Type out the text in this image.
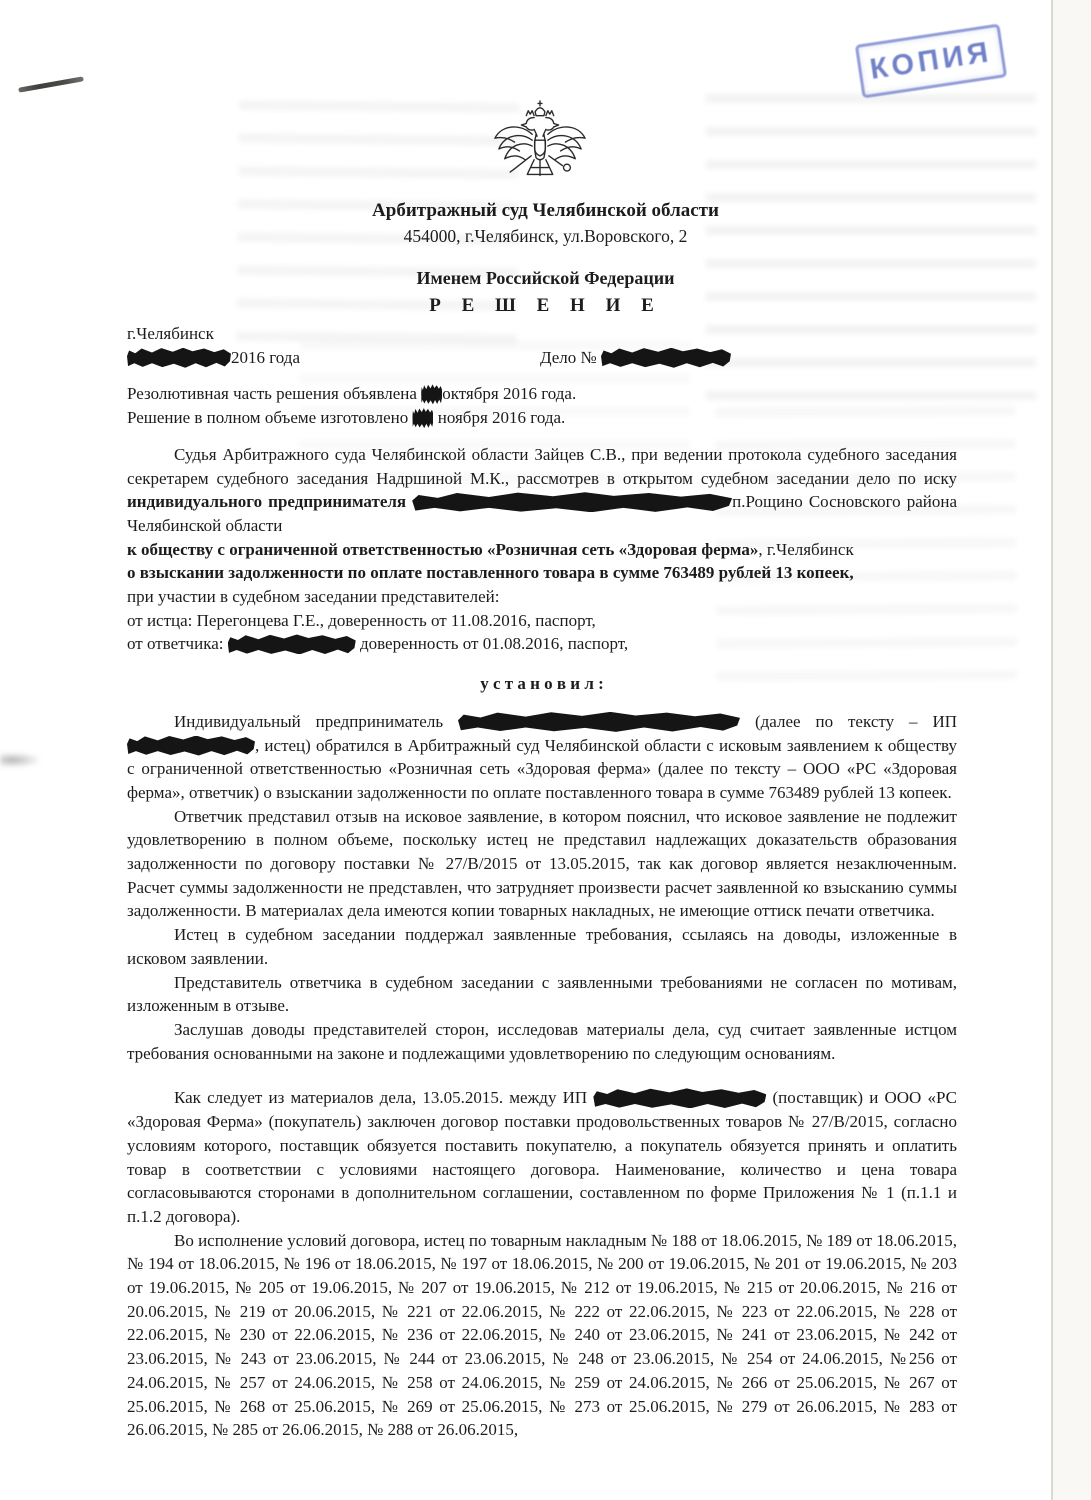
КОПИЯ
Арбитражный суд Челябинской области
454000, г.Челябинск, ул.Воровского, 2
Именем Российской Федерации
Р Е Ш Е Н И Е

г.Челябинск

2016 года	Дело №

Резолютивная часть решения объявлена октября 2016 года.

Решение в полном объеме изготовлено  ноября 2016 года.

Судья Арбитражного суда Челябинской области Зайцев С.В., при ведении протокола судебного заседания секретарем судебного заседания Надршиной М.К., рассмотрев в открытом судебном заседании дело по иску индивидуального предпринимателя	п.Рощино Сосновского района Челябинской области

к обществу с ограниченной ответственностью «Розничная сеть «Здоровая ферма», г.Челябинск

о взыскании задолженности по оплате поставленного товара в сумме 763489 рублей 13 копеек,

при участии в судебном заседании представителей:

от истца: Перегонцева Г.Е., доверенность от 11.08.2016, паспорт,

от ответчика:	доверенность от 01.08.2016, паспорт,

у с т а н о в и л :

Индивидуальный предприниматель	(далее по тексту – ИП , истец) обратился в Арбитражный суд Челябинской области с исковым заявлением к обществу с ограниченной ответственностью «Розничная сеть «Здоровая ферма» (далее по тексту – ООО «РС «Здоровая ферма», ответчик) о взыскании задолженности по оплате поставленного товара в сумме 763489 рублей 13 копеек.

Ответчик представил отзыв на исковое заявление, в котором пояснил, что исковое заявление не подлежит удовлетворению в полном объеме, поскольку истец не представил надлежащих доказательств образования задолженности по договору поставки № 27/В/2015 от 13.05.2015, так как договор является незаключенным. Расчет суммы задолженности не представлен, что затрудняет произвести расчет заявленной ко взысканию суммы задолженности. В материалах дела имеются копии товарных накладных, не имеющие оттиск печати ответчика.

Истец в судебном заседании поддержал заявленные требования, ссылаясь на доводы, изложенные в исковом заявлении.

Представитель ответчика в судебном заседании с заявленными требованиями не согласен по мотивам, изложенным в отзыве.

Заслушав доводы представителей сторон, исследовав материалы дела, суд считает заявленные истцом требования основанными на законе и подлежащими удовлетворению по следующим основаниям.

Как следует из материалов дела, 13.05.2015. между ИП	(поставщик) и ООО «РС «Здоровая Ферма» (покупатель) заключен договор поставки продовольственных товаров № 27/В/2015, согласно условиям которого, поставщик обязуется поставить покупателю, а покупатель обязуется принять и оплатить товар в соответствии с условиями настоящего договора. Наименование, количество и цена товара согласовываются сторонами в дополнительном соглашении, составленном по форме Приложения № 1 (п.1.1 и п.1.2 договора).

Во исполнение условий договора, истец по товарным накладным № 188 от 18.06.2015, № 189 от 18.06.2015, № 194 от 18.06.2015, № 196 от 18.06.2015, № 197 от 18.06.2015, № 200 от 19.06.2015, № 201 от 19.06.2015, № 203 от 19.06.2015, № 205 от 19.06.2015, № 207 от 19.06.2015, № 212 от 19.06.2015, № 215 от 20.06.2015, № 216 от 20.06.2015, № 219 от 20.06.2015, № 221 от 22.06.2015, № 222 от 22.06.2015, № 223 от 22.06.2015, № 228 от 22.06.2015, № 230 от 22.06.2015, № 236 от 22.06.2015, № 240 от 23.06.2015, № 241 от 23.06.2015, № 242 от 23.06.2015, № 243 от 23.06.2015, № 244 от 23.06.2015, № 248 от 23.06.2015, № 254 от 24.06.2015, №256 от 24.06.2015, № 257 от 24.06.2015, № 258 от 24.06.2015, № 259 от 24.06.2015, № 266 от 25.06.2015, № 267 от 25.06.2015, № 268 от 25.06.2015, № 269 от 25.06.2015, № 273 от 25.06.2015, № 279 от 26.06.2015, № 283 от 26.06.2015, № 285 от 26.06.2015, № 288 от 26.06.2015,
